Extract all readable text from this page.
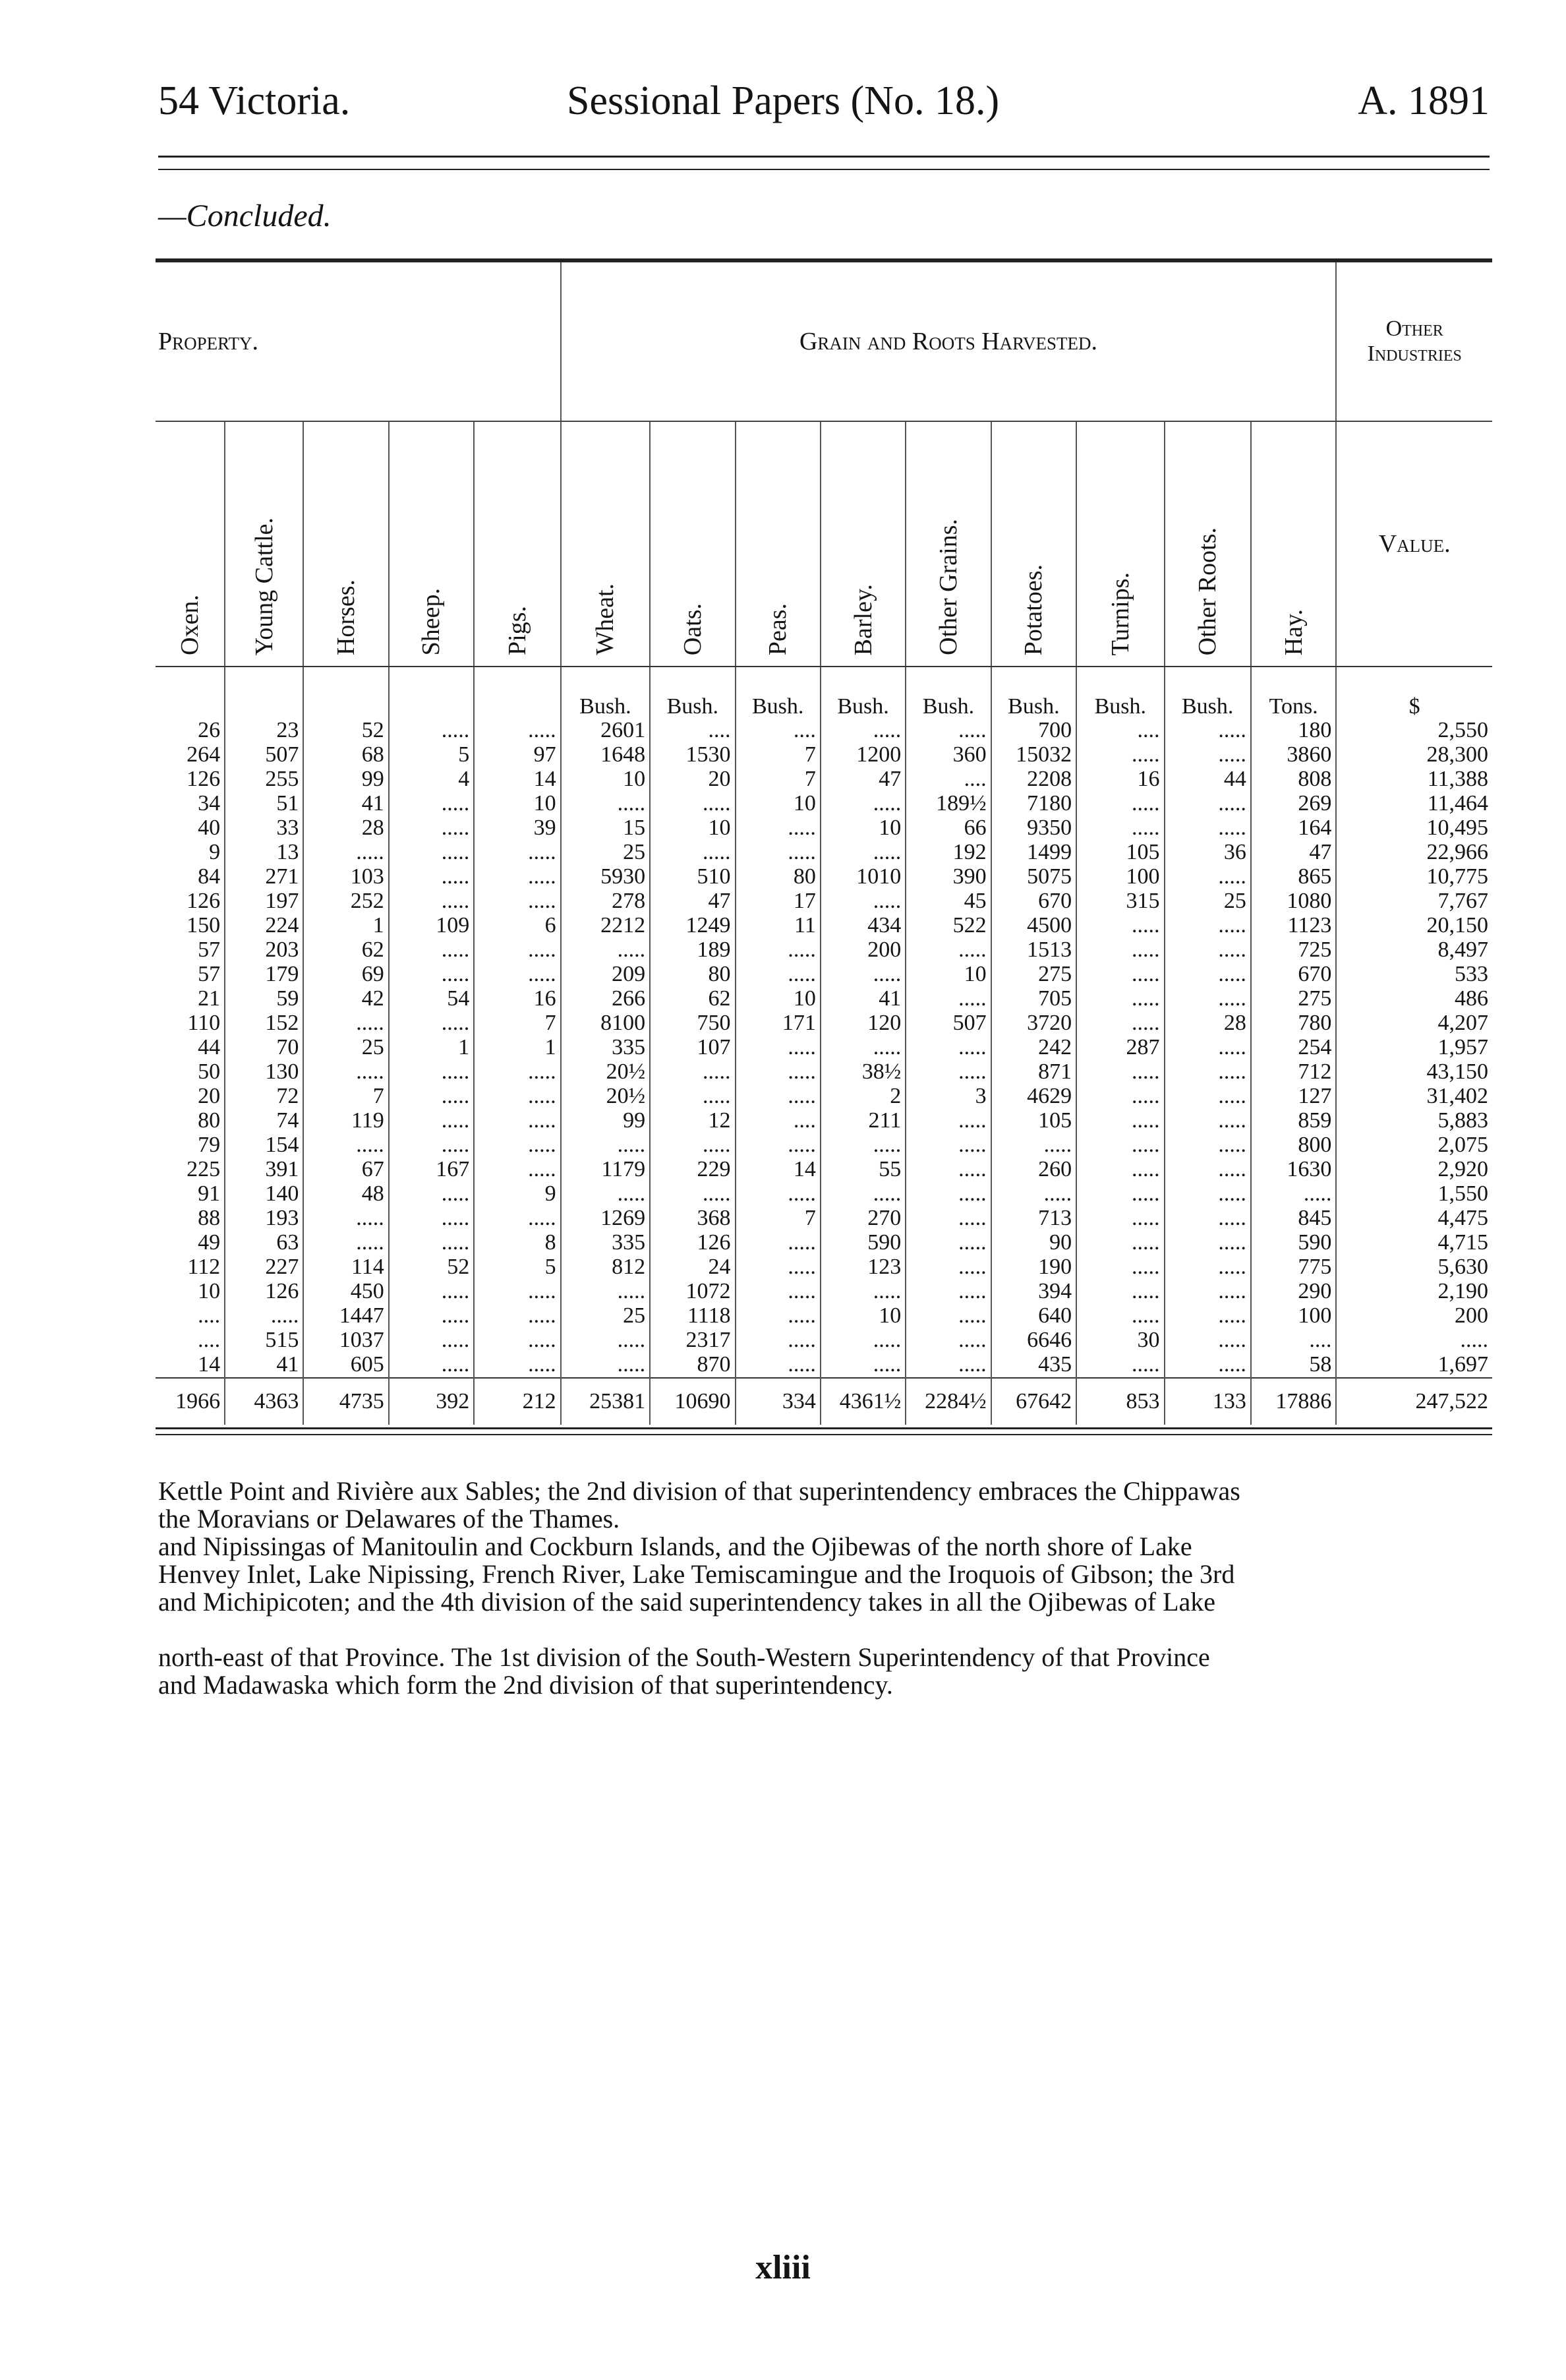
54 Victoria.	Sessional Papers (No. 18.)	A. 1891
—Concluded.
Property.					Grain and Roots Harvested.									Other Industries

Oxen.	Young Cattle.	Horses.	Sheep.	Pigs.	Wheat.	Oats.	Peas.	Barley.	Other Grains.	Potatoes.	Turnips.	Other Roots.	Hay.	Value.
					Bush.	Bush.	Bush.	Bush.	Bush.	Bush.	Bush.	Bush.	Tons.	$
26	23	52	.....	.....	2601	....	....	.....	.....	700	....	.....	180	2,550
264	507	68	5	97	1648	1530	7	1200	360	15032	.....	.....	3860	28,300
126	255	99	4	14	10	20	7	47	....	2208	16	44	808	11,388
34	51	41	.....	10	.....	.....	10	.....	189½	7180	.....	.....	269	11,464
40	33	28	.....	39	15	10	.....	10	66	9350	.....	.....	164	10,495
9	13	.....	.....	.....	25	.....	.....	.....	192	1499	105	36	47	22,966
84	271	103	.....	.....	5930	510	80	1010	390	5075	100	.....	865	10,775
126	197	252	.....	.....	278	47	17	.....	45	670	315	25	1080	7,767
150	224	1	109	6	2212	1249	11	434	522	4500	.....	.....	1123	20,150
57	203	62	.....	.....	.....	189	.....	200	.....	1513	.....	.....	725	8,497
57	179	69	.....	.....	209	80	.....	.....	10	275	.....	.....	670	533
21	59	42	54	16	266	62	10	41	.....	705	.....	.....	275	486
110	152	.....	.....	7	8100	750	171	120	507	3720	.....	28	780	4,207
44	70	25	1	1	335	107	.....	.....	.....	242	287	.....	254	1,957
50	130	.....	.....	.....	20½	.....	.....	38½	.....	871	.....	.....	712	43,150
20	72	7	.....	.....	20½	.....	.....	2	3	4629	.....	.....	127	31,402
80	74	119	.....	.....	99	12	....	211	.....	105	.....	.....	859	5,883
79	154	.....	.....	.....	.....	.....	.....	.....	.....	.....	.....	.....	800	2,075
225	391	67	167	.....	1179	229	14	55	.....	260	.....	.....	1630	2,920
91	140	48	.....	9	.....	.....	.....	.....	.....	.....	.....	.....	.....	1,550
88	193	.....	.....	.....	1269	368	7	270	.....	713	.....	.....	845	4,475
49	63	.....	.....	8	335	126	.....	590	.....	90	.....	.....	590	4,715
112	227	114	52	5	812	24	.....	123	.....	190	.....	.....	775	5,630
10	126	450	.....	.....	.....	1072	.....	.....	.....	394	.....	.....	290	2,190
....	.....	1447	.....	.....	25	1118	.....	10	.....	640	.....	.....	100	200
....	515	1037	.....	.....	.....	2317	.....	.....	.....	6646	30	.....	....	.....
14	41	605	.....	.....	.....	870	.....	.....	.....	435	.....	.....	58	1,697
1966	4363	4735	392	212	25381	10690	334	4361½	2284½	67642	853	133	17886	247,522

Kettle Point and Rivière aux Sables; the 2nd division of that superintendency embraces the Chippawas

the Moravians or Delawares of the Thames.

and Nipissingas of Manitoulin and Cockburn Islands, and the Ojibewas of the north shore of Lake

Henvey Inlet, Lake Nipissing, French River, Lake Temiscamingue and the Iroquois of Gibson; the 3rd

and Michipicoten; and the 4th division of the said superintendency takes in all the Ojibewas of Lake

north-east of that Province. The 1st division of the South-Western Superintendency of that Province

and Madawaska which form the 2nd division of that superintendency.

xliii
